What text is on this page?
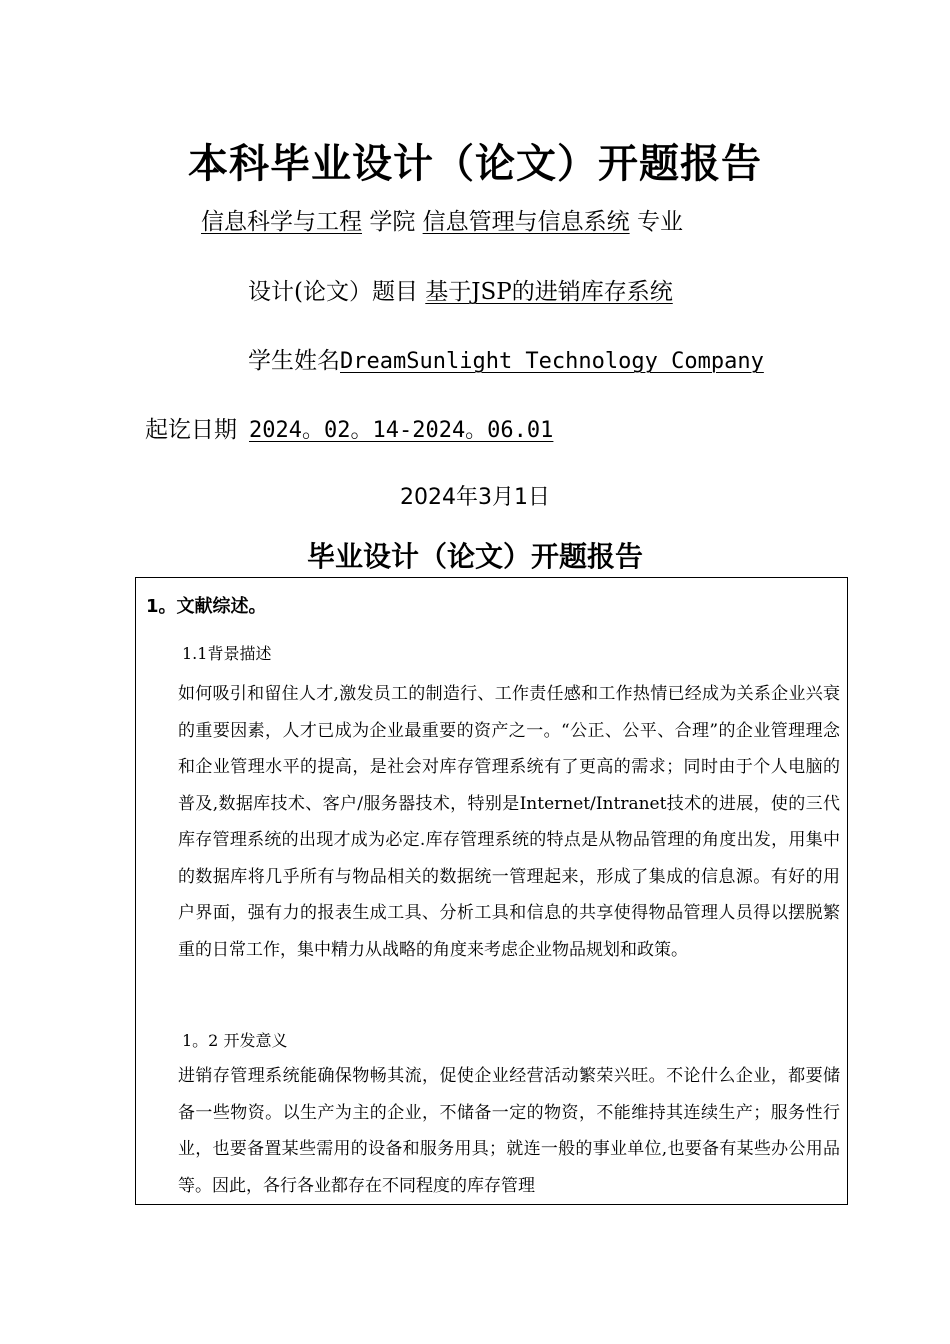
本科毕业设计（论文）开题报告
信息科学与工程 学院 信息管理与信息系统 专业
设计(论文）题目 基于JSP的进销库存系统
学生姓名DreamSunlight Technology Company
起讫日期 2024。02。14-2024。06.01
2024年3月1日
毕业设计（论文）开题报告
1。文献综述。
1.1背景描述

如何吸引和留住人才,激发员工的制造行、工作责任感和工作热情已经成为关系企业兴衰的重要因素，人才已成为企业最重要的资产之一。“公正、公平、合理”的企业管理理念和企业管理水平的提高，是社会对库存管理系统有了更高的需求；同时由于个人电脑的普及,数据库技术、客户/服务器技术，特别是Internet/Intranet技术的进展，使的三代库存管理系统的出现才成为必定.库存管理系统的特点是从物品管理的角度出发，用集中的数据库将几乎所有与物品相关的数据统一管理起来，形成了集成的信息源。有好的用户界面，强有力的报表生成工具、分析工具和信息的共享使得物品管理人员得以摆脱繁重的日常工作，集中精力从战略的角度来考虑企业物品规划和政策。

1。2 开发意义

进销存管理系统能确保物畅其流，促使企业经营活动繁荣兴旺。不论什么企业，都要储备一些物资。以生产为主的企业，不储备一定的物资，不能维持其连续生产；服务性行业，也要备置某些需用的设备和服务用具；就连一般的事业单位,也要备有某些办公用品等。因此，各行各业都存在不同程度的库存管理
